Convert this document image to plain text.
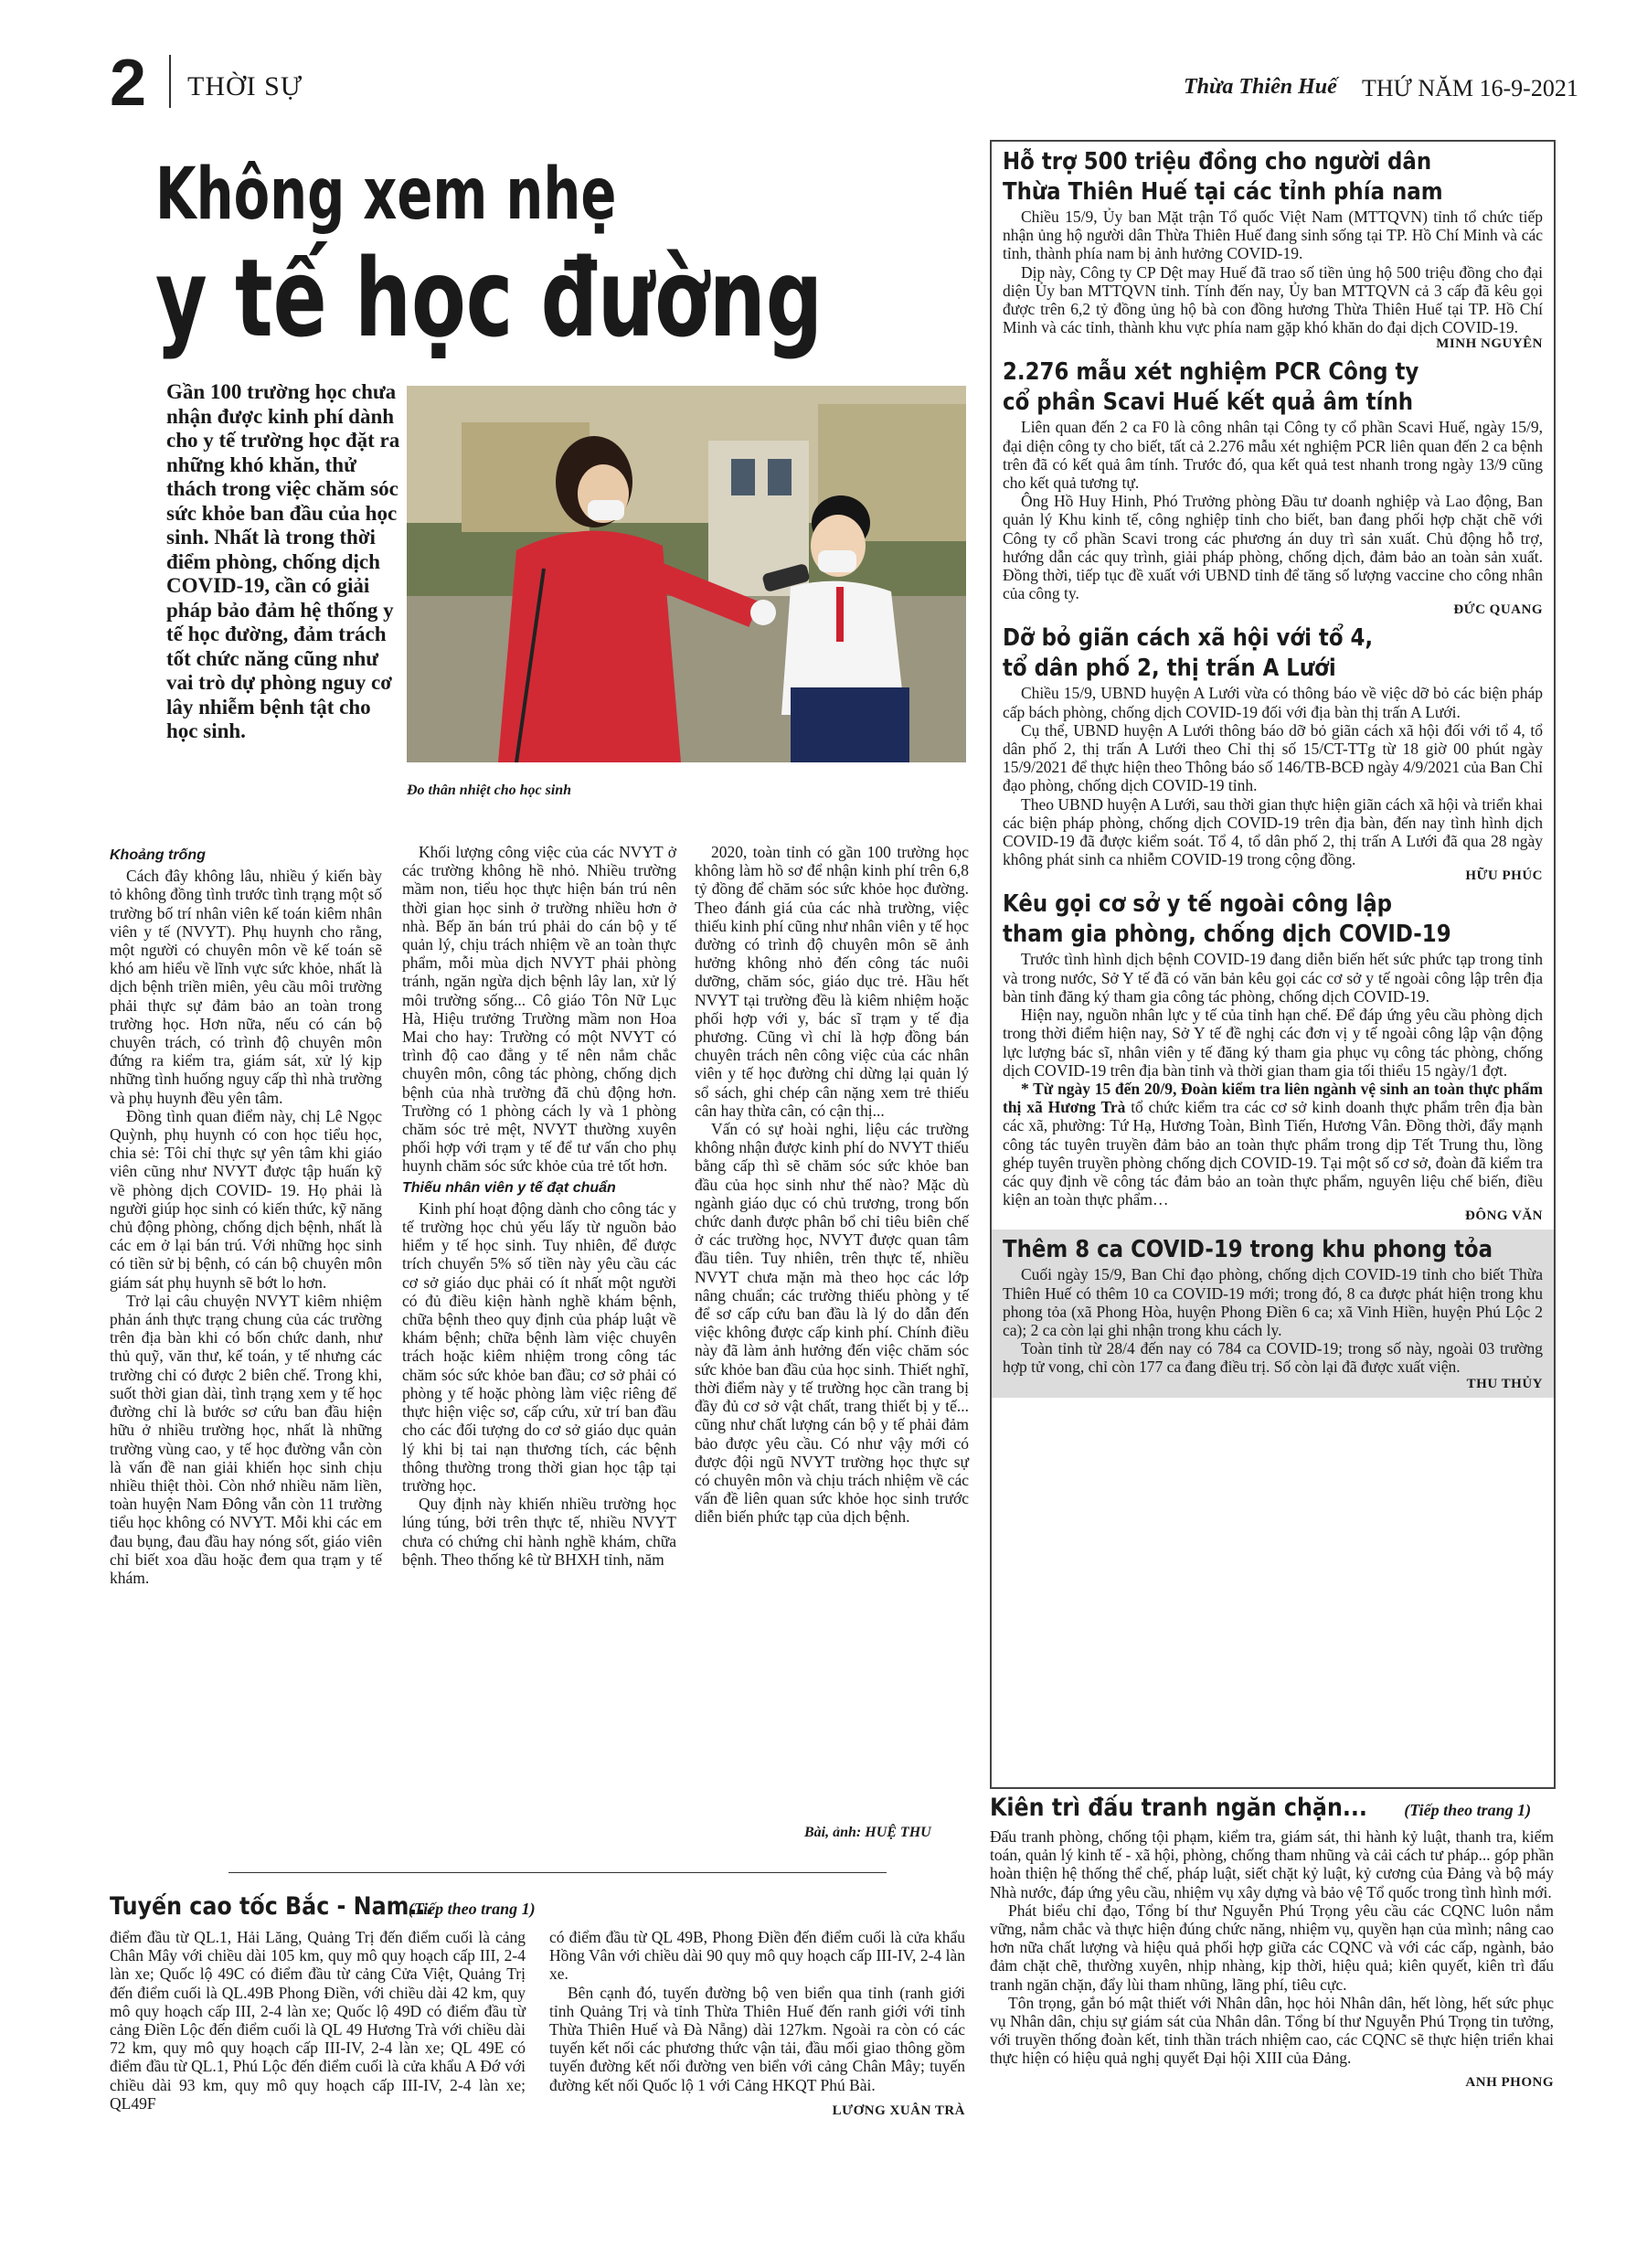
2 THỜI SỰ	Thừa Thiên Huế THỨ NĂM 16-9-2021
Không xem nhẹ
y tế học đường
Gần 100 trường học chưa nhận được kinh phí dành cho y tế trường học đặt ra những khó khăn, thử thách trong việc chăm sóc sức khỏe ban đầu của học sinh. Nhất là trong thời điểm phòng, chống dịch COVID-19, cần có giải pháp bảo đảm hệ thống y tế học đường, đảm trách tốt chức năng cũng như vai trò dự phòng nguy cơ lây nhiễm bệnh tật cho học sinh.
Đo thân nhiệt cho học sinh
Khoảng trống

Cách đây không lâu, nhiều ý kiến bày tỏ không đồng tình trước tình trạng một số trường bố trí nhân viên kế toán kiêm nhân viên y tế (NVYT). Phụ huynh cho rằng, một người có chuyên môn về kế toán sẽ khó am hiểu về lĩnh vực sức khỏe, nhất là dịch bệnh triền miên, yêu cầu môi trường phải thực sự đảm bảo an toàn trong trường học. Hơn nữa, nếu có cán bộ chuyên trách, có trình độ chuyên môn đứng ra kiểm tra, giám sát, xử lý kịp những tình huống nguy cấp thì nhà trường và phụ huynh đều yên tâm.

Đồng tình quan điểm này, chị Lê Ngọc Quỳnh, phụ huynh có con học tiểu học, chia sẻ: Tôi chỉ thực sự yên tâm khi giáo viên cũng như NVYT được tập huấn kỹ về phòng dịch COVID- 19. Họ phải là người giúp học sinh có kiến thức, kỹ năng chủ động phòng, chống dịch bệnh, nhất là các em ở lại bán trú. Với những học sinh có tiền sử bị bệnh, có cán bộ chuyên môn giám sát phụ huynh sẽ bớt lo hơn.

Trở lại câu chuyện NVYT kiêm nhiệm phản ánh thực trạng chung của các trường trên địa bàn khi có bốn chức danh, như thủ quỹ, văn thư, kế toán, y tế nhưng các trường chỉ có được 2 biên chế. Trong khi, suốt thời gian dài, tình trạng xem y tế học đường chỉ là bước sơ cứu ban đầu hiện hữu ở nhiều trường học, nhất là những trường vùng cao, y tế học đường vẫn còn là vấn đề nan giải khiến học sinh chịu nhiều thiệt thòi. Còn nhớ nhiều năm liền, toàn huyện Nam Đông vẫn còn 11 trường tiểu học không có NVYT. Mỗi khi các em đau bụng, đau đầu hay nóng sốt, giáo viên chỉ biết xoa dầu hoặc đem qua trạm y tế khám.

Khối lượng công việc của các NVYT ở các trường không hề nhỏ. Nhiều trường mầm non, tiểu học thực hiện bán trú nên thời gian học sinh ở trường nhiều hơn ở nhà. Bếp ăn bán trú phải do cán bộ y tế quản lý, chịu trách nhiệm về an toàn thực phẩm, mỗi mùa dịch NVYT phải phòng tránh, ngăn ngừa dịch bệnh lây lan, xử lý môi trường sống... Cô giáo Tôn Nữ Lục Hà, Hiệu trưởng Trường mầm non Hoa Mai cho hay: Trường có một NVYT có trình độ cao đẳng y tế nên nắm chắc chuyên môn, công tác phòng, chống dịch bệnh của nhà trường đã chủ động hơn. Trường có 1 phòng cách ly và 1 phòng chăm sóc trẻ mệt, NVYT thường xuyên phối hợp với trạm y tế để tư vấn cho phụ huynh chăm sóc sức khỏe của trẻ tốt hơn.

Thiếu nhân viên y tế đạt chuẩn

Kinh phí hoạt động dành cho công tác y tế trường học chủ yếu lấy từ nguồn bảo hiểm y tế học sinh. Tuy nhiên, để được trích chuyển 5% số tiền này yêu cầu các cơ sở giáo dục phải có ít nhất một người có đủ điều kiện hành nghề khám bệnh, chữa bệnh theo quy định của pháp luật về khám bệnh; chữa bệnh làm việc chuyên trách hoặc kiêm nhiệm trong công tác chăm sóc sức khỏe ban đầu; cơ sở phải có phòng y tế hoặc phòng làm việc riêng để thực hiện việc sơ, cấp cứu, xử trí ban đầu cho các đối tượng do cơ sở giáo dục quản lý khi bị tai nạn thương tích, các bệnh thông thường trong thời gian học tập tại trường học.

Quy định này khiến nhiều trường học lúng túng, bởi trên thực tế, nhiều NVYT chưa có chứng chỉ hành nghề khám, chữa bệnh. Theo thống kê từ BHXH tỉnh, năm

2020, toàn tỉnh có gần 100 trường học không làm hồ sơ để nhận kinh phí trên 6,8 tỷ đồng để chăm sóc sức khỏe học đường. Theo đánh giá của các nhà trường, việc thiếu kinh phí cũng như nhân viên y tế học đường có trình độ chuyên môn sẽ ảnh hưởng không nhỏ đến công tác nuôi dưỡng, chăm sóc, giáo dục trẻ. Hầu hết NVYT tại trường đều là kiêm nhiệm hoặc phối hợp với y, bác sĩ trạm y tế địa phương. Cũng vì chỉ là hợp đồng bán chuyên trách nên công việc của các nhân viên y tế học đường chỉ dừng lại quản lý sổ sách, ghi chép cân nặng xem trẻ thiếu cân hay thừa cân, có cận thị...

Vấn có sự hoài nghi, liệu các trường không nhận được kinh phí do NVYT thiếu bằng cấp thì sẽ chăm sóc sức khỏe ban đầu của học sinh như thế nào? Mặc dù ngành giáo dục có chủ trương, trong bốn chức danh được phân bổ chỉ tiêu biên chế ở các trường học, NVYT được quan tâm đầu tiên. Tuy nhiên, trên thực tế, nhiều NVYT chưa mặn mà theo học các lớp nâng chuẩn; các trường thiếu phòng y tế để sơ cấp cứu ban đầu là lý do dẫn đến việc không được cấp kinh phí. Chính điều này đã làm ảnh hưởng đến việc chăm sóc sức khỏe ban đầu của học sinh. Thiết nghĩ, thời điểm này y tế trường học cần trang bị đầy đủ cơ sở vật chất, trang thiết bị y tế... cũng như chất lượng cán bộ y tế phải đảm bảo được yêu cầu. Có như vậy mới có được đội ngũ NVYT trường học thực sự có chuyên môn và chịu trách nhiệm về các vấn đề liên quan sức khỏe học sinh trước diễn biến phức tạp của dịch bệnh.

Bài, ảnh: HUỆ THU
Hỗ trợ 500 triệu đồng cho người dân
Thừa Thiên Huế tại các tỉnh phía nam

Chiều 15/9, Ủy ban Mặt trận Tổ quốc Việt Nam (MTTQVN) tỉnh tổ chức tiếp nhận ủng hộ người dân Thừa Thiên Huế đang sinh sống tại TP. Hồ Chí Minh và các tỉnh, thành phía nam bị ảnh hưởng COVID-19.

Dịp này, Công ty CP Dệt may Huế đã trao số tiền ủng hộ 500 triệu đồng cho đại diện Ủy ban MTTQVN tỉnh. Tính đến nay, Ủy ban MTTQVN cả 3 cấp đã kêu gọi được trên 6,2 tỷ đồng ủng hộ bà con đồng hương Thừa Thiên Huế tại TP. Hồ Chí Minh và các tỉnh, thành khu vực phía nam gặp khó khăn do đại dịch COVID-19.

MINH NGUYÊN
2.276 mẫu xét nghiệm PCR Công ty
cổ phần Scavi Huế kết quả âm tính

Liên quan đến 2 ca F0 là công nhân tại Công ty cổ phần Scavi Huế, ngày 15/9, đại diện công ty cho biết, tất cả 2.276 mẫu xét nghiệm PCR liên quan đến 2 ca bệnh trên đã có kết quả âm tính. Trước đó, qua kết quả test nhanh trong ngày 13/9 cũng cho kết quả tương tự.

Ông Hồ Huy Hinh, Phó Trưởng phòng Đầu tư doanh nghiệp và Lao động, Ban quản lý Khu kinh tế, công nghiệp tỉnh cho biết, ban đang phối hợp chặt chẽ với Công ty cổ phần Scavi trong các phương án duy trì sản xuất. Chủ động hỗ trợ, hướng dẫn các quy trình, giải pháp phòng, chống dịch, đảm bảo an toàn sản xuất. Đồng thời, tiếp tục đề xuất với UBND tỉnh để tăng số lượng vaccine cho công nhân của công ty.

ĐỨC QUANG
Dỡ bỏ giãn cách xã hội với tổ 4,
tổ dân phố 2, thị trấn A Lưới

Chiều 15/9, UBND huyện A Lưới vừa có thông báo về việc dỡ bỏ các biện pháp cấp bách phòng, chống dịch COVID-19 đối với địa bàn thị trấn A Lưới.

Cụ thể, UBND huyện A Lưới thông báo dỡ bỏ giãn cách xã hội đối với tổ 4, tổ dân phố 2, thị trấn A Lưới theo Chỉ thị số 15/CT-TTg từ 18 giờ 00 phút ngày 15/9/2021 để thực hiện theo Thông báo số 146/TB-BCĐ ngày 4/9/2021 của Ban Chỉ đạo phòng, chống dịch COVID-19 tỉnh.

Theo UBND huyện A Lưới, sau thời gian thực hiện giãn cách xã hội và triển khai các biện pháp phòng, chống dịch COVID-19 trên địa bàn, đến nay tình hình dịch COVID-19 đã được kiểm soát. Tổ 4, tổ dân phố 2, thị trấn A Lưới đã qua 28 ngày không phát sinh ca nhiễm COVID-19 trong cộng đồng.

HỮU PHÚC
Kêu gọi cơ sở y tế ngoài công lập
tham gia phòng, chống dịch COVID-19

Trước tình hình dịch bệnh COVID-19 đang diễn biến hết sức phức tạp trong tỉnh và trong nước, Sở Y tế đã có văn bản kêu gọi các cơ sở y tế ngoài công lập trên địa bàn tỉnh đăng ký tham gia công tác phòng, chống dịch COVID-19.

Hiện nay, nguồn nhân lực y tế của tỉnh hạn chế. Để đáp ứng yêu cầu phòng dịch trong thời điểm hiện nay, Sở Y tế đề nghị các đơn vị y tế ngoài công lập vận động lực lượng bác sĩ, nhân viên y tế đăng ký tham gia phục vụ công tác phòng, chống dịch COVID-19 trên địa bàn tỉnh và thời gian tham gia tối thiểu 15 ngày/1 đợt.

* Từ ngày 15 đến 20/9, Đoàn kiểm tra liên ngành vệ sinh an toàn thực phẩm thị xã Hương Trà tổ chức kiểm tra các cơ sở kinh doanh thực phẩm trên địa bàn các xã, phường: Tứ Hạ, Hương Toàn, Bình Tiến, Hương Vân. Đồng thời, đẩy mạnh công tác tuyên truyền đảm bảo an toàn thực phẩm trong dịp Tết Trung thu, lồng ghép tuyên truyền phòng chống dịch COVID-19. Tại một số cơ sở, đoàn đã kiểm tra các quy định về công tác đảm bảo an toàn thực phẩm, nguyên liệu chế biến, điều kiện an toàn thực phẩm…

ĐÔNG VĂN
Thêm 8 ca COVID-19 trong khu phong tỏa

Cuối ngày 15/9, Ban Chỉ đạo phòng, chống dịch COVID-19 tỉnh cho biết Thừa Thiên Huế có thêm 10 ca COVID-19 mới; trong đó, 8 ca được phát hiện trong khu phong tỏa (xã Phong Hòa, huyện Phong Điền 6 ca; xã Vinh Hiền, huyện Phú Lộc 2 ca); 2 ca còn lại ghi nhận trong khu cách ly.

Toàn tỉnh từ 28/4 đến nay có 784 ca COVID-19; trong số này, ngoài 03 trường hợp tử vong, chỉ còn 177 ca đang điều trị. Số còn lại đã được xuất viện.

THU THỦY
Tuyến cao tốc Bắc - Nam...
(Tiếp theo trang 1)

điểm đầu từ QL.1, Hải Lăng, Quảng Trị đến điểm cuối là cảng Chân Mây với chiều dài 105 km, quy mô quy hoạch cấp III, 2-4 làn xe; Quốc lộ 49C có điểm đầu từ cảng Cửa Việt, Quảng Trị đến điểm cuối là QL.49B Phong Điền, với chiều dài 42 km, quy mô quy hoạch cấp III, 2-4 làn xe; Quốc lộ 49D có điểm đầu từ cảng Điền Lộc đến điểm cuối là QL 49 Hương Trà với chiều dài 72 km, quy mô quy hoạch cấp III-IV, 2-4 làn xe; QL 49E có điểm đầu từ QL.1, Phú Lộc đến điểm cuối là cửa khẩu A Đớ với chiều dài 93 km, quy mô quy hoạch cấp III-IV, 2-4 làn xe; QL49F

có điểm đầu từ QL 49B, Phong Điền đến điểm cuối là cửa khẩu Hồng Vân với chiều dài 90 quy mô quy hoạch cấp III-IV, 2-4 làn xe.

Bên cạnh đó, tuyến đường bộ ven biển qua tỉnh (ranh giới tỉnh Quảng Trị và tỉnh Thừa Thiên Huế đến ranh giới với tỉnh Thừa Thiên Huế và Đà Nẵng) dài 127km. Ngoài ra còn có các tuyến kết nối các phương thức vận tải, đầu mối giao thông gồm tuyến đường kết nối đường ven biển với cảng Chân Mây; tuyến đường kết nối Quốc lộ 1 với Cảng HKQT Phú Bài.

LƯƠNG XUÂN TRÀ
Kiên trì đấu tranh ngăn chặn... (Tiếp theo trang 1)

Đấu tranh phòng, chống tội phạm, kiểm tra, giám sát, thi hành kỷ luật, thanh tra, kiểm toán, quản lý kinh tế - xã hội, phòng, chống tham nhũng và cải cách tư pháp... góp phần hoàn thiện hệ thống thể chế, pháp luật, siết chặt kỷ luật, kỷ cương của Đảng và bộ máy Nhà nước, đáp ứng yêu cầu, nhiệm vụ xây dựng và bảo vệ Tổ quốc trong tình hình mới.

Phát biểu chỉ đạo, Tổng bí thư Nguyễn Phú Trọng yêu cầu các CQNC luôn nắm vững, nắm chắc và thực hiện đúng chức năng, nhiệm vụ, quyền hạn của mình; nâng cao hơn nữa chất lượng và hiệu quả phối hợp giữa các CQNC và với các cấp, ngành, bảo đảm chặt chẽ, thường xuyên, nhịp nhàng, kịp thời, hiệu quả; kiên quyết, kiên trì đấu tranh ngăn chặn, đẩy lùi tham nhũng, lãng phí, tiêu cực.

Tôn trọng, gắn bó mật thiết với Nhân dân, học hỏi Nhân dân, hết lòng, hết sức phục vụ Nhân dân, chịu sự giám sát của Nhân dân. Tổng bí thư Nguyễn Phú Trọng tin tưởng, với truyền thống đoàn kết, tinh thần trách nhiệm cao, các CQNC sẽ thực hiện triển khai thực hiện có hiệu quả nghị quyết Đại hội XIII của Đảng.

ANH PHONG
